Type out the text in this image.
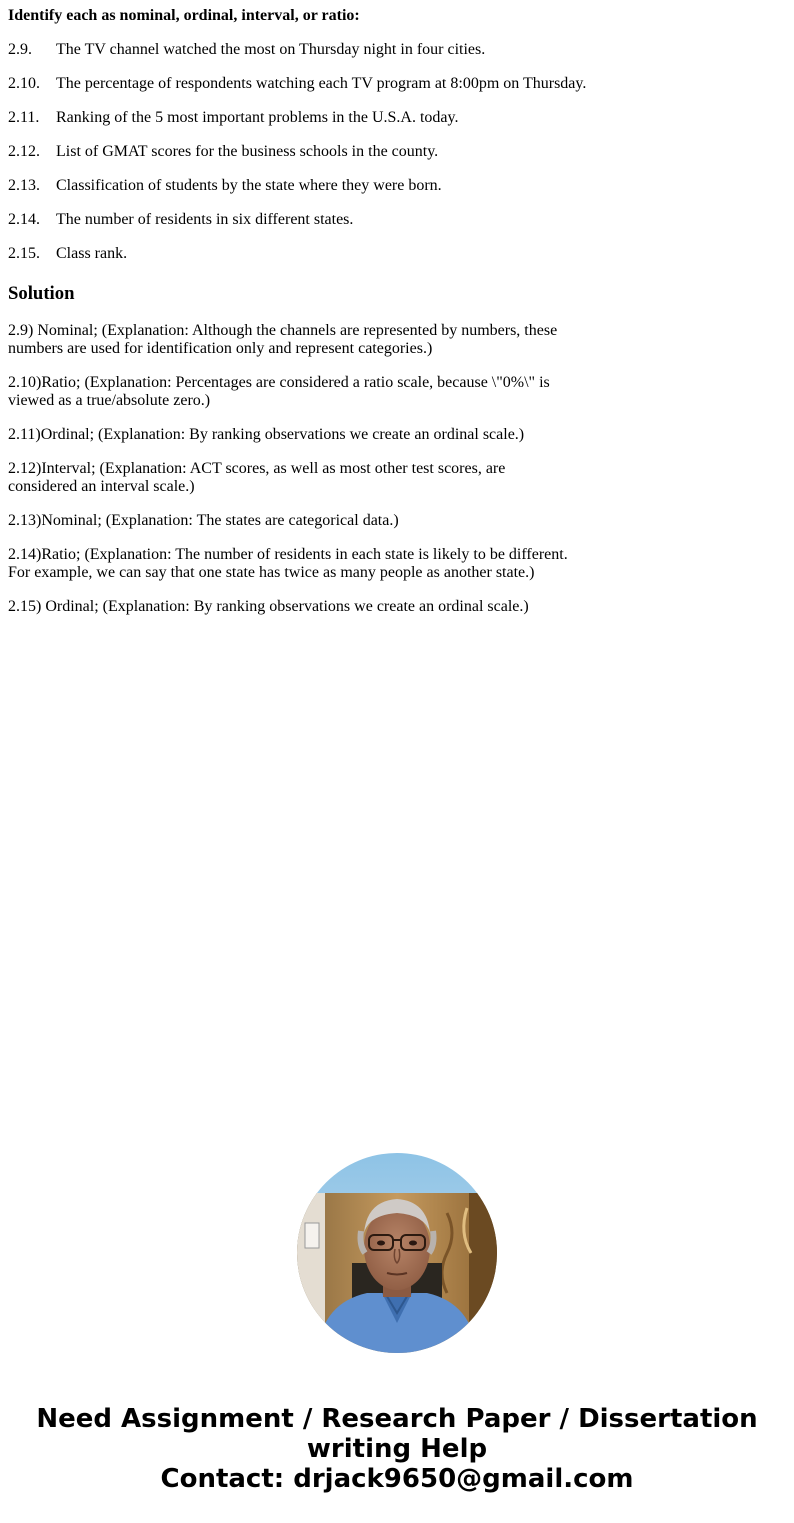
Identify each as nominal, ordinal, interval, or ratio:
2.9. The TV channel watched the most on Thursday night in four cities.
2.10. The percentage of respondents watching each TV program at 8:00pm on Thursday.
2.11. Ranking of the 5 most important problems in the U.S.A. today.
2.12. List of GMAT scores for the business schools in the county.
2.13. Classification of students by the state where they were born.
2.14. The number of residents in six different states.
2.15. Class rank.
Solution
2.9) Nominal; (Explanation: Although the channels are represented by numbers, these numbers are used for identification only and represent categories.)
2.10)Ratio; (Explanation: Percentages are considered a ratio scale, because \"0%\" is viewed as a true/absolute zero.)
2.11)Ordinal; (Explanation: By ranking observations we create an ordinal scale.)
2.12)Interval; (Explanation: ACT scores, as well as most other test scores, are considered an interval scale.)
2.13)Nominal; (Explanation: The states are categorical data.)
2.14)Ratio; (Explanation: The number of residents in each state is likely to be different. For example, we can say that one state has twice as many people as another state.)
2.15) Ordinal; (Explanation: By ranking observations we create an ordinal scale.)
Need Assignment / Research Paper / Dissertation
writing Help
Contact: drjack9650@gmail.com
